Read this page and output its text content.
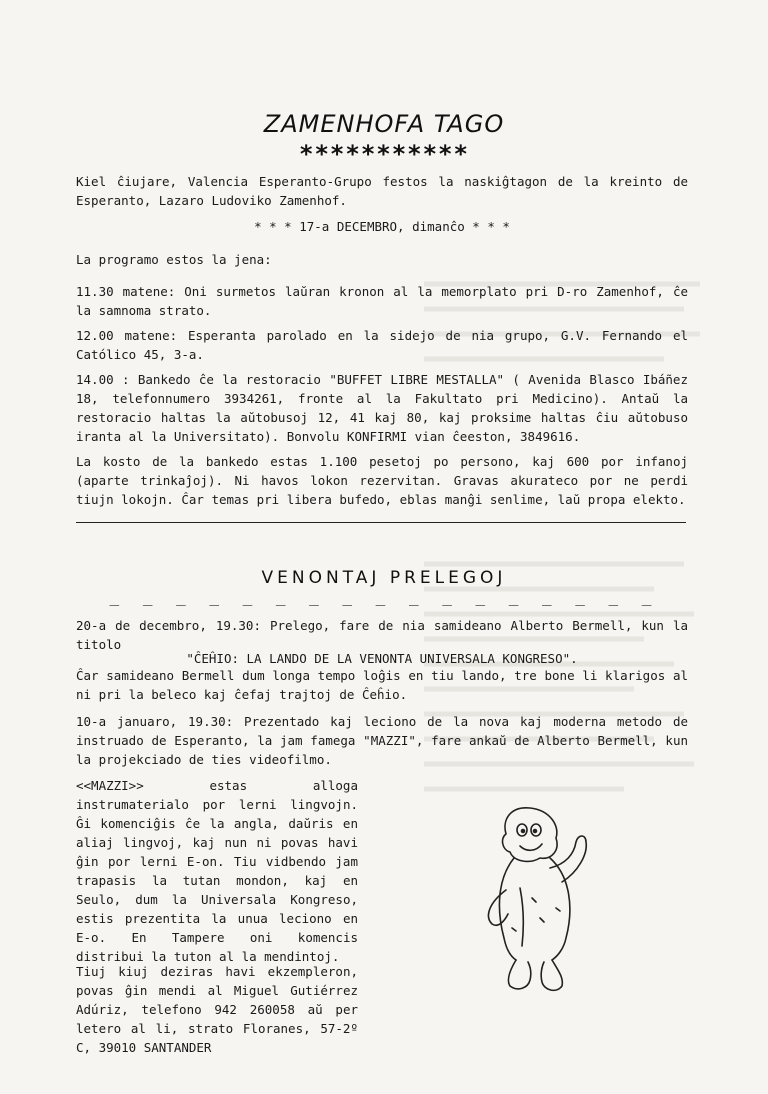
ZAMENHOFA TAGO
***********
Kiel ĉiujare, Valencia Esperanto-Grupo festos la naskiĝtagon de la kreinto de Esperanto, Lazaro Ludoviko Zamenhof.
* * * 17-a DECEMBRO, dimanĉo * * *
La programo estos la jena:
11.30 matene: Oni surmetos laŭran kronon al la memorplato pri D-ro Zamenhof, ĉe la samnoma strato.
12.00 matene: Esperanta parolado en la sidejo de nia grupo, G.V. Fernando el Católico 45, 3-a.
14.00 : Bankedo ĉe la restoracio "BUFFET LIBRE MESTALLA" ( Avenida Blasco Ibáñez 18, telefonnumero 3934261, fronte al la Fakultato pri Medicino). Antaŭ la restoracio haltas la aŭtobusoj 12, 41 kaj 80, kaj proksime haltas ĉiu aŭtobuso iranta al la Universitato). Bonvolu KONFIRMI vian ĉeeston, 3849616.
La kosto de la bankedo estas 1.100 pesetoj po persono, kaj 600 por infanoj (aparte trinkaĵoj). Ni havos lokon rezervitan. Gravas akurateco por ne perdi tiujn lokojn. Ĉar temas pri libera bufedo, eblas manĝi senlime, laŭ propa elekto.
VENONTAJ PRELEGOJ
_ _ _ _ _ _ _ _ _ _ _ _ _ _ _ _ _
20-a de decembro, 19.30: Prelego, fare de nia samideano Alberto Bermell, kun la titolo
"ĈEĤIO: LA LANDO DE LA VENONTA UNIVERSALA KONGRESO".
Ĉar samideano Bermell dum longa tempo loĝis en tiu lando, tre bone li klarigos al ni pri la beleco kaj ĉefaj trajtoj de Ĉeĥio.
10-a januaro, 19.30: Prezentado kaj leciono de la nova kaj moderna metodo de instruado de Esperanto, la jam famega "MAZZI", fare ankaŭ de Alberto Bermell, kun la projekciado de ties videofilmo.
<<MAZZI>> estas alloga instrumaterialo por lerni lingvojn. Ĝi komenciĝis ĉe la angla, daŭris en aliaj lingvoj, kaj nun ni povas havi ĝin por lerni E-on. Tiu vidbendo jam trapasis la tutan mondon, kaj en Seulo, dum la Universala Kongreso, estis prezentita la unua leciono en E-o. En Tampere oni komencis distribui la tuton al la mendintoj.
Tiuj kiuj deziras havi ekzempleron, povas ĝin mendi al Miguel Gutiérrez Adúriz, telefono 942 260058 aŭ per letero al li, strato Floranes, 57-2º C, 39010 SANTANDER
